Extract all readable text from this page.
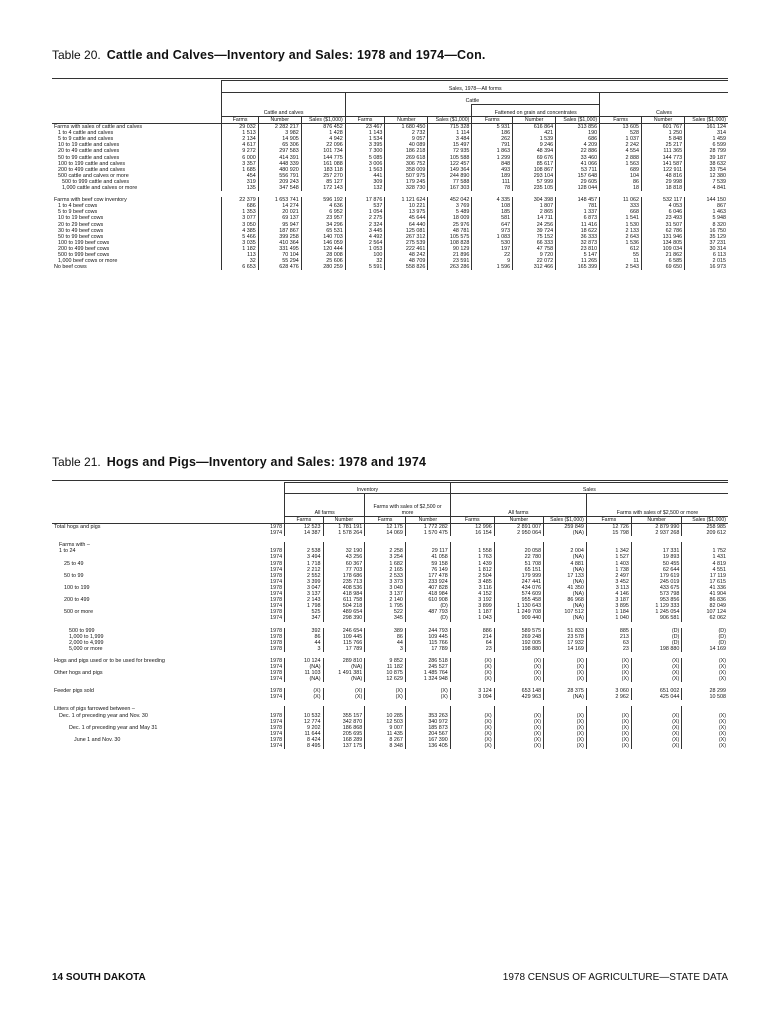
Table 20. Cattle and Calves—Inventory and Sales: 1978 and 1974—Con.
	Sales, 1978—All forms											
	Cattle and calves			Cattle						Calves		
							Fattened on grain and concentrates					
	Farms	Number	Sales ($1,000)	Farms	Number	Sales ($1,000)	Farms	Number	Sales ($1,000)	Farms	Number	Sales ($1,000)
Farms with sales of cattle and calves	29 032	2 282 217	876 452	23 467	1 680 450	715 328	5 931	616 864	313 856	13 605	601 767	161 124
1 to 4 cattle and calves	1 513	3 982	1 428	1 143	2 732	1 114	186	421	190	528	1 250	314
5 to 9 cattle and calves	2 134	14 905	4 942	1 534	9 057	3 484	262	1 539	686	1 037	5 848	1 459
10 to 19 cattle and calves	4 617	65 306	22 096	3 395	40 089	15 497	791	9 246	4 209	2 242	25 217	6 599
20 to 49 cattle and calves	9 272	297 583	101 734	7 300	186 218	72 935	1 863	48 394	22 886	4 554	111 365	28 799
50 to 99 cattle and calves	6 000	414 391	144 775	5 085	269 618	105 588	1 299	69 676	33 460	2 888	144 773	39 187
100 to 199 cattle and calves	3 357	448 339	161 088	3 006	306 752	122 457	848	85 617	41 066	1 563	141 587	38 632
200 to 499 cattle and calves	1 685	480 920	183 118	1 563	358 009	149 364	493	108 867	53 711	689	122 911	33 754
500 cattle and calves or more	454	556 791	257 270	441	507 975	244 890	189	293 104	157 648	104	48 816	12 380
500 to 999 cattle and calves	319	209 243	85 127	309	179 245	77 588	111	57 999	29 605	86	29 998	7 539
1,000 cattle and calves or more	135	347 548	172 143	132	328 730	167 303	78	235 105	128 044	18	18 818	4 841

Farms with beef cow inventory	22 379	1 653 741	596 192	17 876	1 121 624	452 042	4 335	304 398	148 457	11 062	532 117	144 150
1 to 4 beef cows	686	14 274	4 636	537	10 221	3 769	108	1 807	781	333	4 053	867
5 to 9 beef cows	1 353	20 021	6 952	1 054	13 975	5 489	185	2 865	1 337	668	6 046	1 463
10 to 19 beef cows	3 077	69 137	23 957	2 275	45 644	18 009	581	14 711	6 873	1 541	23 493	5 948
20 to 29 beef cows	3 050	95 947	34 296	2 324	64 440	25 976	647	24 256	11 416	1 530	31 507	8 320
30 to 49 beef cows	4 385	187 867	65 531	3 445	125 081	48 781	973	39 724	18 622	2 133	62 786	16 750
50 to 99 beef cows	5 466	399 258	140 703	4 492	267 312	105 575	1 083	75 152	36 333	2 643	131 946	35 129
100 to 199 beef cows	3 035	410 364	146 059	2 564	275 539	108 828	530	66 333	32 873	1 536	134 805	37 231
200 to 499 beef cows	1 182	331 495	120 444	1 053	222 461	90 129	197	47 758	23 810	612	109 034	30 314
500 to 999 beef cows	113	70 104	28 008	100	48 242	21 896	22	9 720	5 147	55	21 862	6 113
1,000 beef cows or more	32	55 294	25 606	32	48 709	23 591	9	22 072	11 265	11	6 585	2 015
No beef cows	6 653	628 476	280 259	5 591	558 826	263 286	1 596	312 466	165 399	2 543	69 650	16 973
Table 21. Hogs and Pigs—Inventory and Sales: 1978 and 1974
		Inventory				Sales					
		All farms		Farms with sales of $2,500 or more		All farms			Farms with sales of $2,500 or more		
		Farms	Number	Farms	Number	Farms	Number	Sales ($1,000)	Farms	Number	Sales ($1,000)
Total hogs and pigs	1978	12 523	1 781 191	12 175	1 772 282	12 996	2 891 007	259 849	12 726	2 879 990	258 985
	1974	14 387	1 578 264	14 069	1 570 475	16 154	2 950 064	(NA)	15 798	2 937 268	209 612

Farms with –											
1 to 24	1978	2 538	32 190	2 258	29 117	1 558	20 058	2 004	1 342	17 331	1 752
	1974	3 494	43 256	3 254	41 058	1 763	22 780	(NA)	1 527	19 893	1 431
25 to 49	1978	1 718	60 367	1 682	59 158	1 439	51 708	4 881	1 403	50 455	4 819
	1974	2 212	77 703	2 165	76 149	1 812	65 151	(NA)	1 738	62 644	4 551
50 to 99	1978	2 552	178 686	2 533	177 478	2 504	179 999	17 133	2 497	179 619	17 119
	1974	3 399	235 713	3 373	233 924	3 485	247 441	(NA)	3 452	245 019	17 615
100 to 199	1978	3 047	408 536	3 040	407 828	3 116	434 076	41 350	3 113	433 675	41 336
	1974	3 137	418 984	3 137	418 984	4 152	574 609	(NA)	4 146	573 798	41 904
200 to 499	1978	2 143	611 758	2 140	610 908	3 192	955 458	86 968	3 187	953 856	86 836
	1974	1 798	504 218	1 795	(D)	3 899	1 130 643	(NA)	3 895	1 129 333	82 049
500 or more	1978	525	489 654	522	487 793	1 187	1 249 708	107 512	1 184	1 245 054	107 124
	1974	347	298 390	345	(D)	1 043	909 440	(NA)	1 040	906 581	62 062

500 to 999	1978	392	246 654	389	244 793	886	589 575	51 833	885	(D)	(D)
1,000 to 1,999	1978	86	109 445	86	109 445	214	269 248	23 578	213	(D)	(D)
2,000 to 4,999	1978	44	115 766	44	115 766	64	192 005	17 932	63	(D)	(D)
5,000 or more	1978	3	17 789	3	17 789	23	198 880	14 169	23	198 880	14 169

Hogs and pigs used or to be used for breeding	1978	10 124	289 810	9 852	286 518	(X)	(X)	(X)	(X)	(X)	(X)
	1974	(NA)	(NA)	11 182	245 527	(X)	(X)	(X)	(X)	(X)	(X)
Other hogs and pigs	1978	11 103	1 491 381	10 875	1 485 764	(X)	(X)	(X)	(X)	(X)	(X)
	1974	(NA)	(NA)	12 629	1 324 948	(X)	(X)	(X)	(X)	(X)	(X)

Feeder pigs sold	1978	(X)	(X)	(X)	(X)	3 124	653 148	28 375	3 060	651 002	28 299
	1974	(X)	(X)	(X)	(X)	3 094	429 963	(NA)	2 962	425 044	10 508

Litters of pigs farrowed between –											
Dec. 1 of preceding year and Nov. 30	1978	10 532	355 157	10 285	353 263	(X)	(X)	(X)	(X)	(X)	(X)
	1974	12 774	342 870	12 503	340 972	(X)	(X)	(X)	(X)	(X)	(X)
Dec. 1 of preceding year and May 31	1978	9 202	186 868	9 007	185 873	(X)	(X)	(X)	(X)	(X)	(X)
	1974	11 644	205 695	11 435	204 567	(X)	(X)	(X)	(X)	(X)	(X)
June 1 and Nov. 30	1978	8 424	168 289	8 267	167 390	(X)	(X)	(X)	(X)	(X)	(X)
	1974	8 495	137 175	8 348	136 405	(X)	(X)	(X)	(X)	(X)	(X)
14 SOUTH DAKOTA	1978 CENSUS OF AGRICULTURE—STATE DATA
